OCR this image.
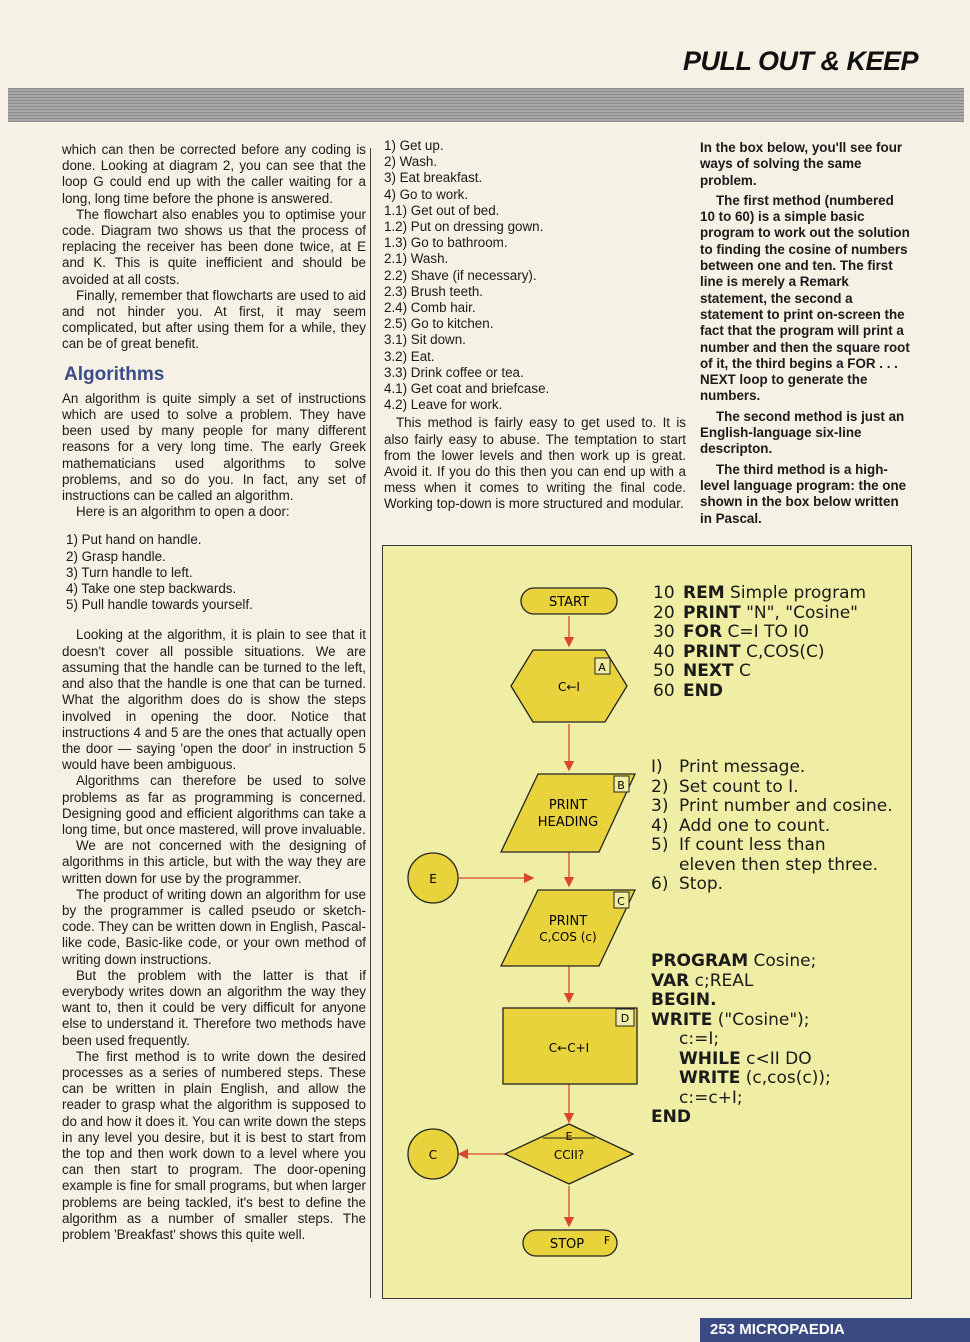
PULL OUT & KEEP

which can then be corrected before any coding is done. Looking at diagram 2, you can see that the loop G could end up with the caller waiting for a long, long time before the phone is answered.

The flowchart also enables you to optimise your code. Diagram two shows us that the process of replacing the receiver has been done twice, at E and K. This is quite inefficient and should be avoided at all costs.

Finally, remember that flowcharts are used to aid and not hinder you. At first, it may seem complicated, but after using them for a while, they can be of great benefit.

Algorithms

An algorithm is quite simply a set of instructions which are used to solve a problem. They have been used by many people for many different reasons for a very long time. The early Greek mathematicians used algorithms to solve problems, and so do you. In fact, any set of instructions can be called an algorithm.

Here is an algorithm to open a door:

1) Put hand on handle.
2) Grasp handle.
3) Turn handle to left.
4) Take one step backwards.
5) Pull handle towards yourself.

Looking at the algorithm, it is plain to see that it doesn't cover all possible situations. We are assuming that the handle can be turned to the left, and also that the handle is one that can be turned. What the algorithm does do is show the steps involved in opening the door. Notice that instructions 4 and 5 are the ones that actually open the door — saying 'open the door' in instruction 5 would have been ambiguous.

Algorithms can therefore be used to solve problems as far as programming is concerned. Designing good and efficient algorithms can take a long time, but once mastered, will prove invaluable.

We are not concerned with the designing of algorithms in this article, but with the way they are written down for use by the programmer.

The product of writing down an algorithm for use by the programmer is called pseudo or sketch-code. They can be written down in English, Pascal-like code, Basic-like code, or your own method of writing down instructions.

But the problem with the latter is that if everybody writes down an algorithm the way they want to, then it could be very difficult for anyone else to understand it. Therefore two methods have been used frequently.

The first method is to write down the desired processes as a series of numbered steps. These can be written in plain English, and allow the reader to grasp what the algorithm is supposed to do and how it does it. You can write down the steps in any level you desire, but it is best to start from the top and then work down to a level where you can then start to program. The door-opening example is fine for small programs, but when larger problems are being tackled, it's best to define the algorithm as a number of smaller steps. The problem 'Breakfast' shows this quite well.

1) Get up.
2) Wash.
3) Eat breakfast.
4) Go to work.
1.1) Get out of bed.
1.2) Put on dressing gown.
1.3) Go to bathroom.
2.1) Wash.
2.2) Shave (if necessary).
2.3) Brush teeth.
2.4) Comb hair.
2.5) Go to kitchen.
3.1) Sit down.
3.2) Eat.
3.3) Drink coffee or tea.
4.1) Get coat and briefcase.
4.2) Leave for work.

This method is fairly easy to get used to. It is also fairly easy to abuse. The temptation to start from the lower levels and then work up is great. Avoid it. If you do this then you can end up with a mess when it comes to writing the final code. Working top-down is more structured and modular.

In the box below, you'll see four ways of solving the same problem.

The first method (numbered 10 to 60) is a simple basic program to work out the solution to finding the cosine of numbers between one and ten. The first line is merely a Remark statement, the second a statement to print on-screen the fact that the program will print a number and then the square root of it, the third begins a FOR . . . NEXT loop to generate the numbers.

The second method is just an English-language six-line descripton.

The third method is a high-level language program: the one shown in the box below written in Pascal.

START
C←I
A
PRINT
HEADING
B
PRINT
C,COS (c)
C
C←C+I
D
CCII?
E
STOP F
E
C
10 REM Simple program
20 PRINT "N", "Cosine"
30 FOR C=I TO I0
40 PRINT C,COS(C)
50 NEXT C
60 END
I) Print message.
2) Set count to I.
3) Print number and cosine.
4) Add one to count.
5) If count less than
eleven then step three.
6) Stop.
PROGRAM Cosine;
VAR c;REAL
BEGIN.
WRITE ("Cosine");
c:=I;
WHILE c<II DO
WRITE (c,cos(c));
c:=c+I;
END
253 MICROPAEDIA
